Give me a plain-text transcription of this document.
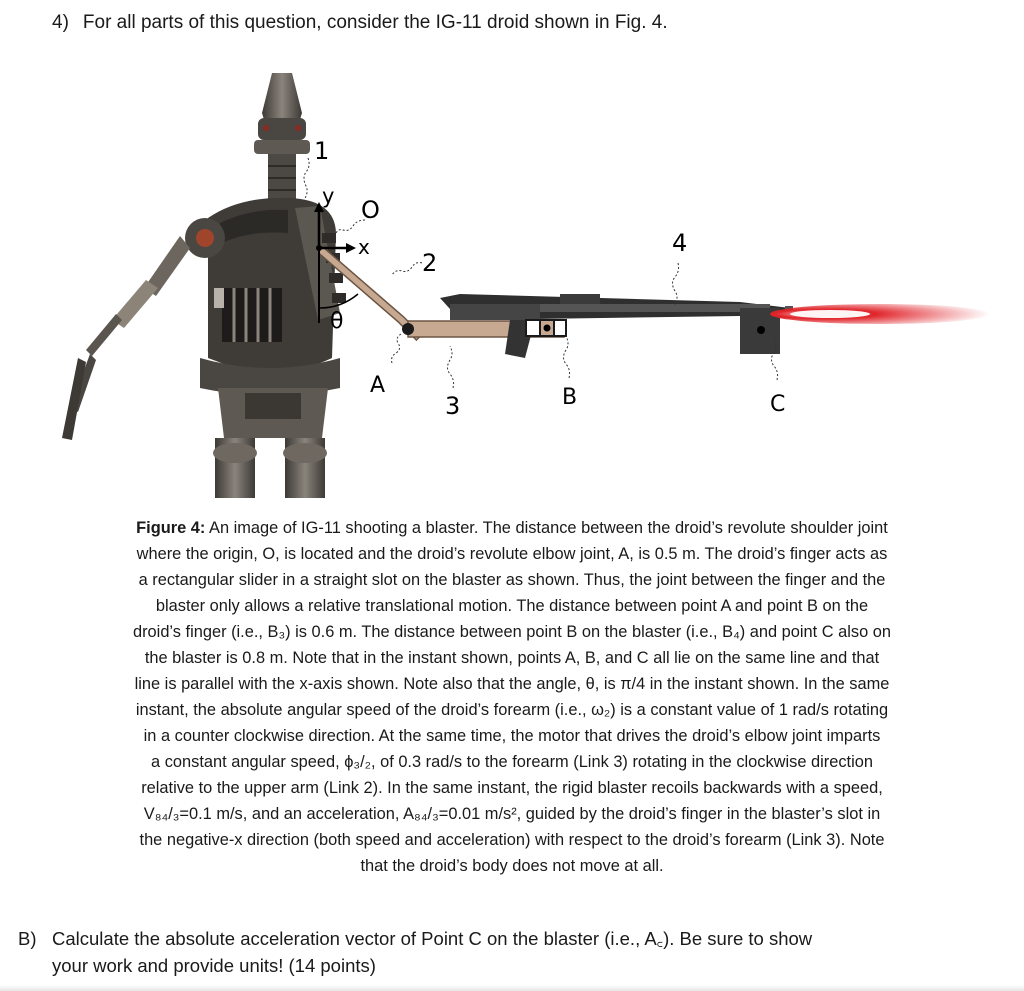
4) For all parts of this question, consider the IG-11 droid shown in Fig. 4.
1
y O
x
2
4
θ
A
3	B	C
Figure 4: An image of IG-11 shooting a blaster. The distance between the droid’s revolute shoulder joint
where the origin, O, is located and the droid’s revolute elbow joint, A, is 0.5 m. The droid’s finger acts as
a rectangular slider in a straight slot on the blaster as shown. Thus, the joint between the finger and the
blaster only allows a relative translational motion. The distance between point A and point B on the
droid’s finger (i.e., B₃) is 0.6 m. The distance between point B on the blaster (i.e., B₄) and point C also on
the blaster is 0.8 m. Note that in the instant shown, points A, B, and C all lie on the same line and that
line is parallel with the x-axis shown. Note also that the angle, θ, is π/4 in the instant shown. In the same
instant, the absolute angular speed of the droid’s forearm (i.e., ω₂) is a constant value of 1 rad/s rotating
in a counter clockwise direction. At the same time, the motor that drives the droid’s elbow joint imparts
a constant angular speed, ϕ₃/₂, of 0.3 rad/s to the forearm (Link 3) rotating in the clockwise direction
relative to the upper arm (Link 2). In the same instant, the rigid blaster recoils backwards with a speed,
V₈₄/₃=0.1 m/s, and an acceleration, A₈₄/₃=0.01 m/s², guided by the droid’s finger in the blaster’s slot in
the negative-x direction (both speed and acceleration) with respect to the droid’s forearm (Link 3). Note
that the droid’s body does not move at all.
B) Calculate the absolute acceleration vector of Point C on the blaster (i.e., A꜀). Be sure to show
your work and provide units! (14 points)
